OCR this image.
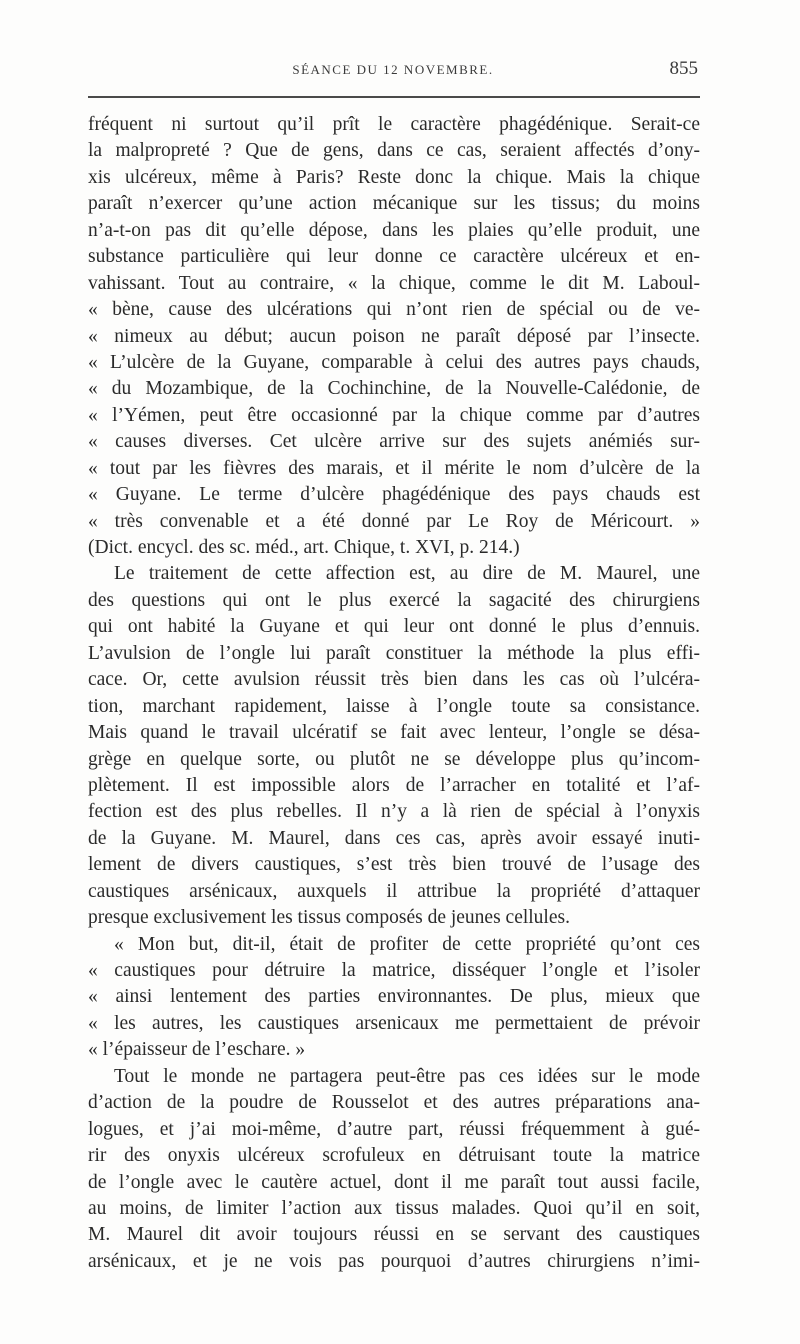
SÉANCE DU 12 NOVEMBRE.	855
fréquent ni surtout qu’il prît le caractère phagédénique. Serait-ce
la malpropreté ? Que de gens, dans ce cas, seraient affectés d’ony-
xis ulcéreux, même à Paris? Reste donc la chique. Mais la chique
paraît n’exercer qu’une action mécanique sur les tissus; du moins
n’a-t-on pas dit qu’elle dépose, dans les plaies qu’elle produit, une
substance particulière qui leur donne ce caractère ulcéreux et en-
vahissant. Tout au contraire, « la chique, comme le dit M. Laboul-
« bène, cause des ulcérations qui n’ont rien de spécial ou de ve-
« nimeux au début; aucun poison ne paraît déposé par l’insecte.
« L’ulcère de la Guyane, comparable à celui des autres pays chauds,
« du Mozambique, de la Cochinchine, de la Nouvelle-Calédonie, de
« l’Yémen, peut être occasionné par la chique comme par d’autres
« causes diverses. Cet ulcère arrive sur des sujets anémiés sur-
« tout par les fièvres des marais, et il mérite le nom d’ulcère de la
« Guyane. Le terme d’ulcère phagédénique des pays chauds est
« très convenable et a été donné par Le Roy de Méricourt. »
(Dict. encycl. des sc. méd., art. Chique, t. XVI, p. 214.)
Le traitement de cette affection est, au dire de M. Maurel, une
des questions qui ont le plus exercé la sagacité des chirurgiens
qui ont habité la Guyane et qui leur ont donné le plus d’ennuis.
L’avulsion de l’ongle lui paraît constituer la méthode la plus effi-
cace. Or, cette avulsion réussit très bien dans les cas où l’ulcéra-
tion, marchant rapidement, laisse à l’ongle toute sa consistance.
Mais quand le travail ulcératif se fait avec lenteur, l’ongle se désa-
grège en quelque sorte, ou plutôt ne se développe plus qu’incom-
plètement. Il est impossible alors de l’arracher en totalité et l’af-
fection est des plus rebelles. Il n’y a là rien de spécial à l’onyxis
de la Guyane. M. Maurel, dans ces cas, après avoir essayé inuti-
lement de divers caustiques, s’est très bien trouvé de l’usage des
caustiques arsénicaux, auxquels il attribue la propriété d’attaquer
presque exclusivement les tissus composés de jeunes cellules.
« Mon but, dit-il, était de profiter de cette propriété qu’ont ces
« caustiques pour détruire la matrice, disséquer l’ongle et l’isoler
« ainsi lentement des parties environnantes. De plus, mieux que
« les autres, les caustiques arsenicaux me permettaient de prévoir
« l’épaisseur de l’eschare. »
Tout le monde ne partagera peut-être pas ces idées sur le mode
d’action de la poudre de Rousselot et des autres préparations ana-
logues, et j’ai moi-même, d’autre part, réussi fréquemment à gué-
rir des onyxis ulcéreux scrofuleux en détruisant toute la matrice
de l’ongle avec le cautère actuel, dont il me paraît tout aussi facile,
au moins, de limiter l’action aux tissus malades. Quoi qu’il en soit,
M. Maurel dit avoir toujours réussi en se servant des caustiques
arsénicaux, et je ne vois pas pourquoi d’autres chirurgiens n’imi-
